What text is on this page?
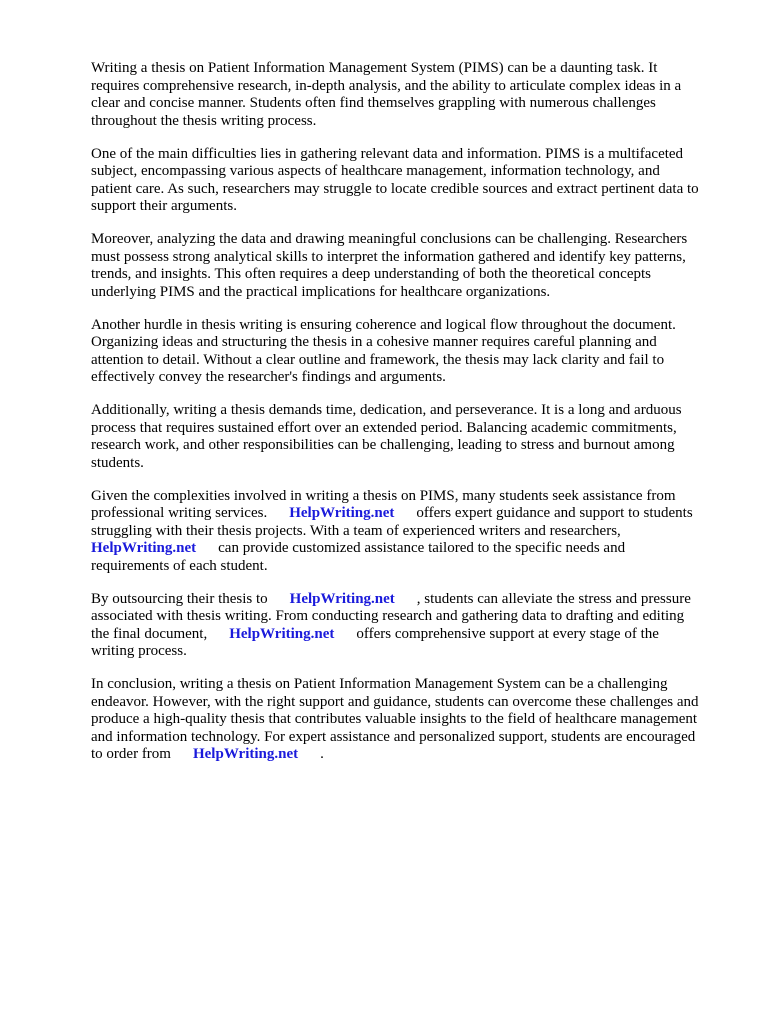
Writing a thesis on Patient Information Management System (PIMS) can be a daunting task. It
requires comprehensive research, in-depth analysis, and the ability to articulate complex ideas in a
clear and concise manner. Students often find themselves grappling with numerous challenges
throughout the thesis writing process.

One of the main difficulties lies in gathering relevant data and information. PIMS is a multifaceted
subject, encompassing various aspects of healthcare management, information technology, and
patient care. As such, researchers may struggle to locate credible sources and extract pertinent data to
support their arguments.

Moreover, analyzing the data and drawing meaningful conclusions can be challenging. Researchers
must possess strong analytical skills to interpret the information gathered and identify key patterns,
trends, and insights. This often requires a deep understanding of both the theoretical concepts
underlying PIMS and the practical implications for healthcare organizations.

Another hurdle in thesis writing is ensuring coherence and logical flow throughout the document.
Organizing ideas and structuring the thesis in a cohesive manner requires careful planning and
attention to detail. Without a clear outline and framework, the thesis may lack clarity and fail to
effectively convey the researcher's findings and arguments.

Additionally, writing a thesis demands time, dedication, and perseverance. It is a long and arduous
process that requires sustained effort over an extended period. Balancing academic commitments,
research work, and other responsibilities can be challenging, leading to stress and burnout among
students.

Given the complexities involved in writing a thesis on PIMS, many students seek assistance from
professional writing services. HelpWriting.net offers expert guidance and support to students
struggling with their thesis projects. With a team of experienced writers and researchers,
HelpWriting.net can provide customized assistance tailored to the specific needs and
requirements of each student.

By outsourcing their thesis to HelpWriting.net , students can alleviate the stress and pressure
associated with thesis writing. From conducting research and gathering data to drafting and editing
the final document, HelpWriting.net offers comprehensive support at every stage of the
writing process.

In conclusion, writing a thesis on Patient Information Management System can be a challenging
endeavor. However, with the right support and guidance, students can overcome these challenges and
produce a high-quality thesis that contributes valuable insights to the field of healthcare management
and information technology. For expert assistance and personalized support, students are encouraged
to order from HelpWriting.net .
